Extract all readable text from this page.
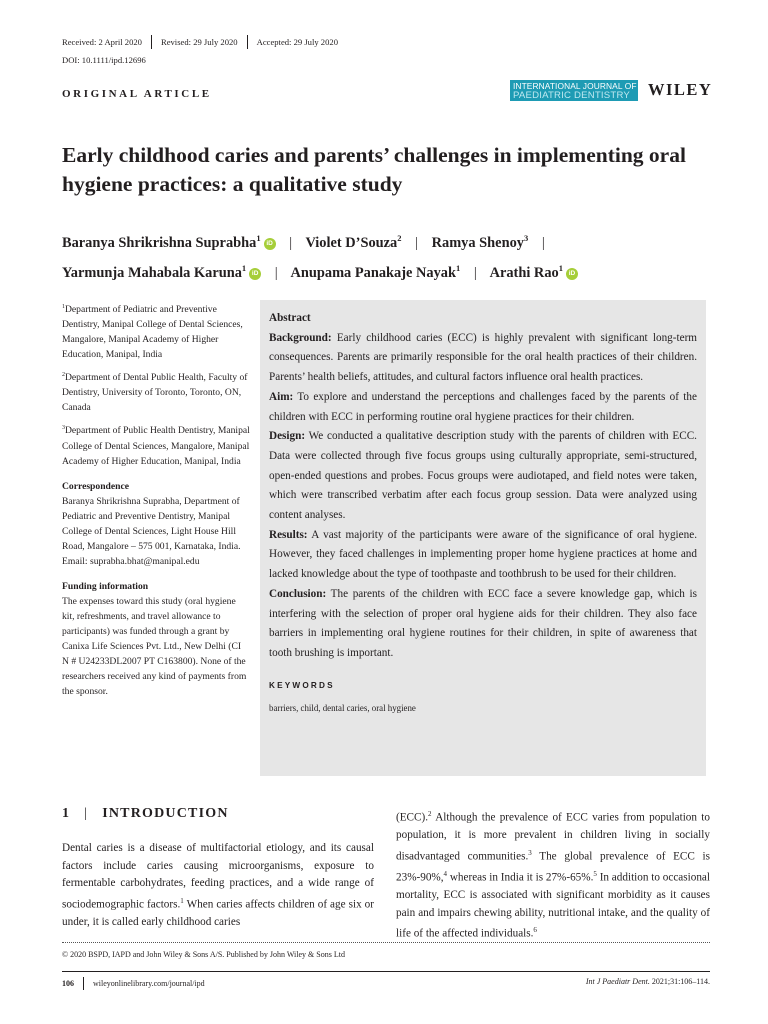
Received: 2 April 2020 Revised: 29 July 2020 Accepted: 29 July 2020
DOI: 10.1111/ipd.12696
ORIGINAL ARTICLE
INTERNATIONAL JOURNAL OF
PAEDIATRIC DENTISTRY WILEY
Early childhood caries and parents’ challenges in implementing oral hygiene practices: a qualitative study
Baranya Shrikrishna Suprabha$^1$iD | Violet D’Souza$^2$ | Ramya Shenoy$^3$ |
Yarmunja Mahabala Karuna$^1$iD | Anupama Panakaje Nayak$^1$ | Arathi Rao$^1$iD

$^1$Department of Pediatric and Preventive Dentistry, Manipal College of Dental Sciences, Mangalore, Manipal Academy of Higher Education, Manipal, India

$^2$Department of Dental Public Health, Faculty of Dentistry, University of Toronto, Toronto, ON, Canada

$^3$Department of Public Health Dentistry, Manipal College of Dental Sciences, Mangalore, Manipal Academy of Higher Education, Manipal, India

Correspondence

Baranya Shrikrishna Suprabha, Department of Pediatric and Preventive Dentistry, Manipal College of Dental Sciences, Light House Hill Road, Mangalore – 575 001, Karnataka, India.

Email: suprabha.bhat@manipal.edu

Funding information

The expenses toward this study (oral hygiene kit, refreshments, and travel allowance to participants) was funded through a grant by Canixa Life Sciences Pvt. Ltd., New Delhi (CI N # U24233DL2007 PT C163800). None of the researchers received any kind of payments from the sponsor.

Abstract

Background: Early childhood caries (ECC) is highly prevalent with significant long-term consequences. Parents are primarily responsible for the oral health practices of their children. Parents’ health beliefs, attitudes, and cultural factors influence oral health practices.

Aim: To explore and understand the perceptions and challenges faced by the parents of the children with ECC in performing routine oral hygiene practices for their children.

Design: We conducted a qualitative description study with the parents of children with ECC. Data were collected through five focus groups using culturally appropriate, semi-structured, open-ended questions and probes. Focus groups were audiotaped, and field notes were taken, which were transcribed verbatim after each focus group session. Data were analyzed using content analyses.

Results: A vast majority of the participants were aware of the significance of oral hygiene. However, they faced challenges in implementing proper home hygiene practices at home and lacked knowledge about the type of toothpaste and toothbrush to be used for their children.

Conclusion: The parents of the children with ECC face a severe knowledge gap, which is interfering with the selection of proper oral hygiene aids for their children. They also face barriers in implementing oral hygiene routines for their children, in spite of awareness that tooth brushing is important.

KEYWORDS
barriers, child, dental caries, oral hygiene
1 | INTRODUCTION
Dental caries is a disease of multifactorial etiology, and its causal factors include caries causing microorganisms, exposure to fermentable carbohydrates, feeding practices, and a wide range of sociodemographic factors.$^1$ When caries affects children of age six or under, it is called early childhood caries
(ECC).$^2$ Although the prevalence of ECC varies from population to population, it is more prevalent in children living in socially disadvantaged communities.$^3$ The global prevalence of ECC is 23%-90%,$^4$ whereas in India it is 27%-65%.$^5$ In addition to occasional mortality, ECC is associated with significant morbidity as it causes pain and impairs chewing ability, nutritional intake, and the quality of life of the affected individuals.$^6$
© 2020 BSPD, IAPD and John Wiley & Sons A/S. Published by John Wiley & Sons Ltd
106 wileyonlinelibrary.com/journal/ipd	Int J Paediatr Dent. 2021;31:106–114.
